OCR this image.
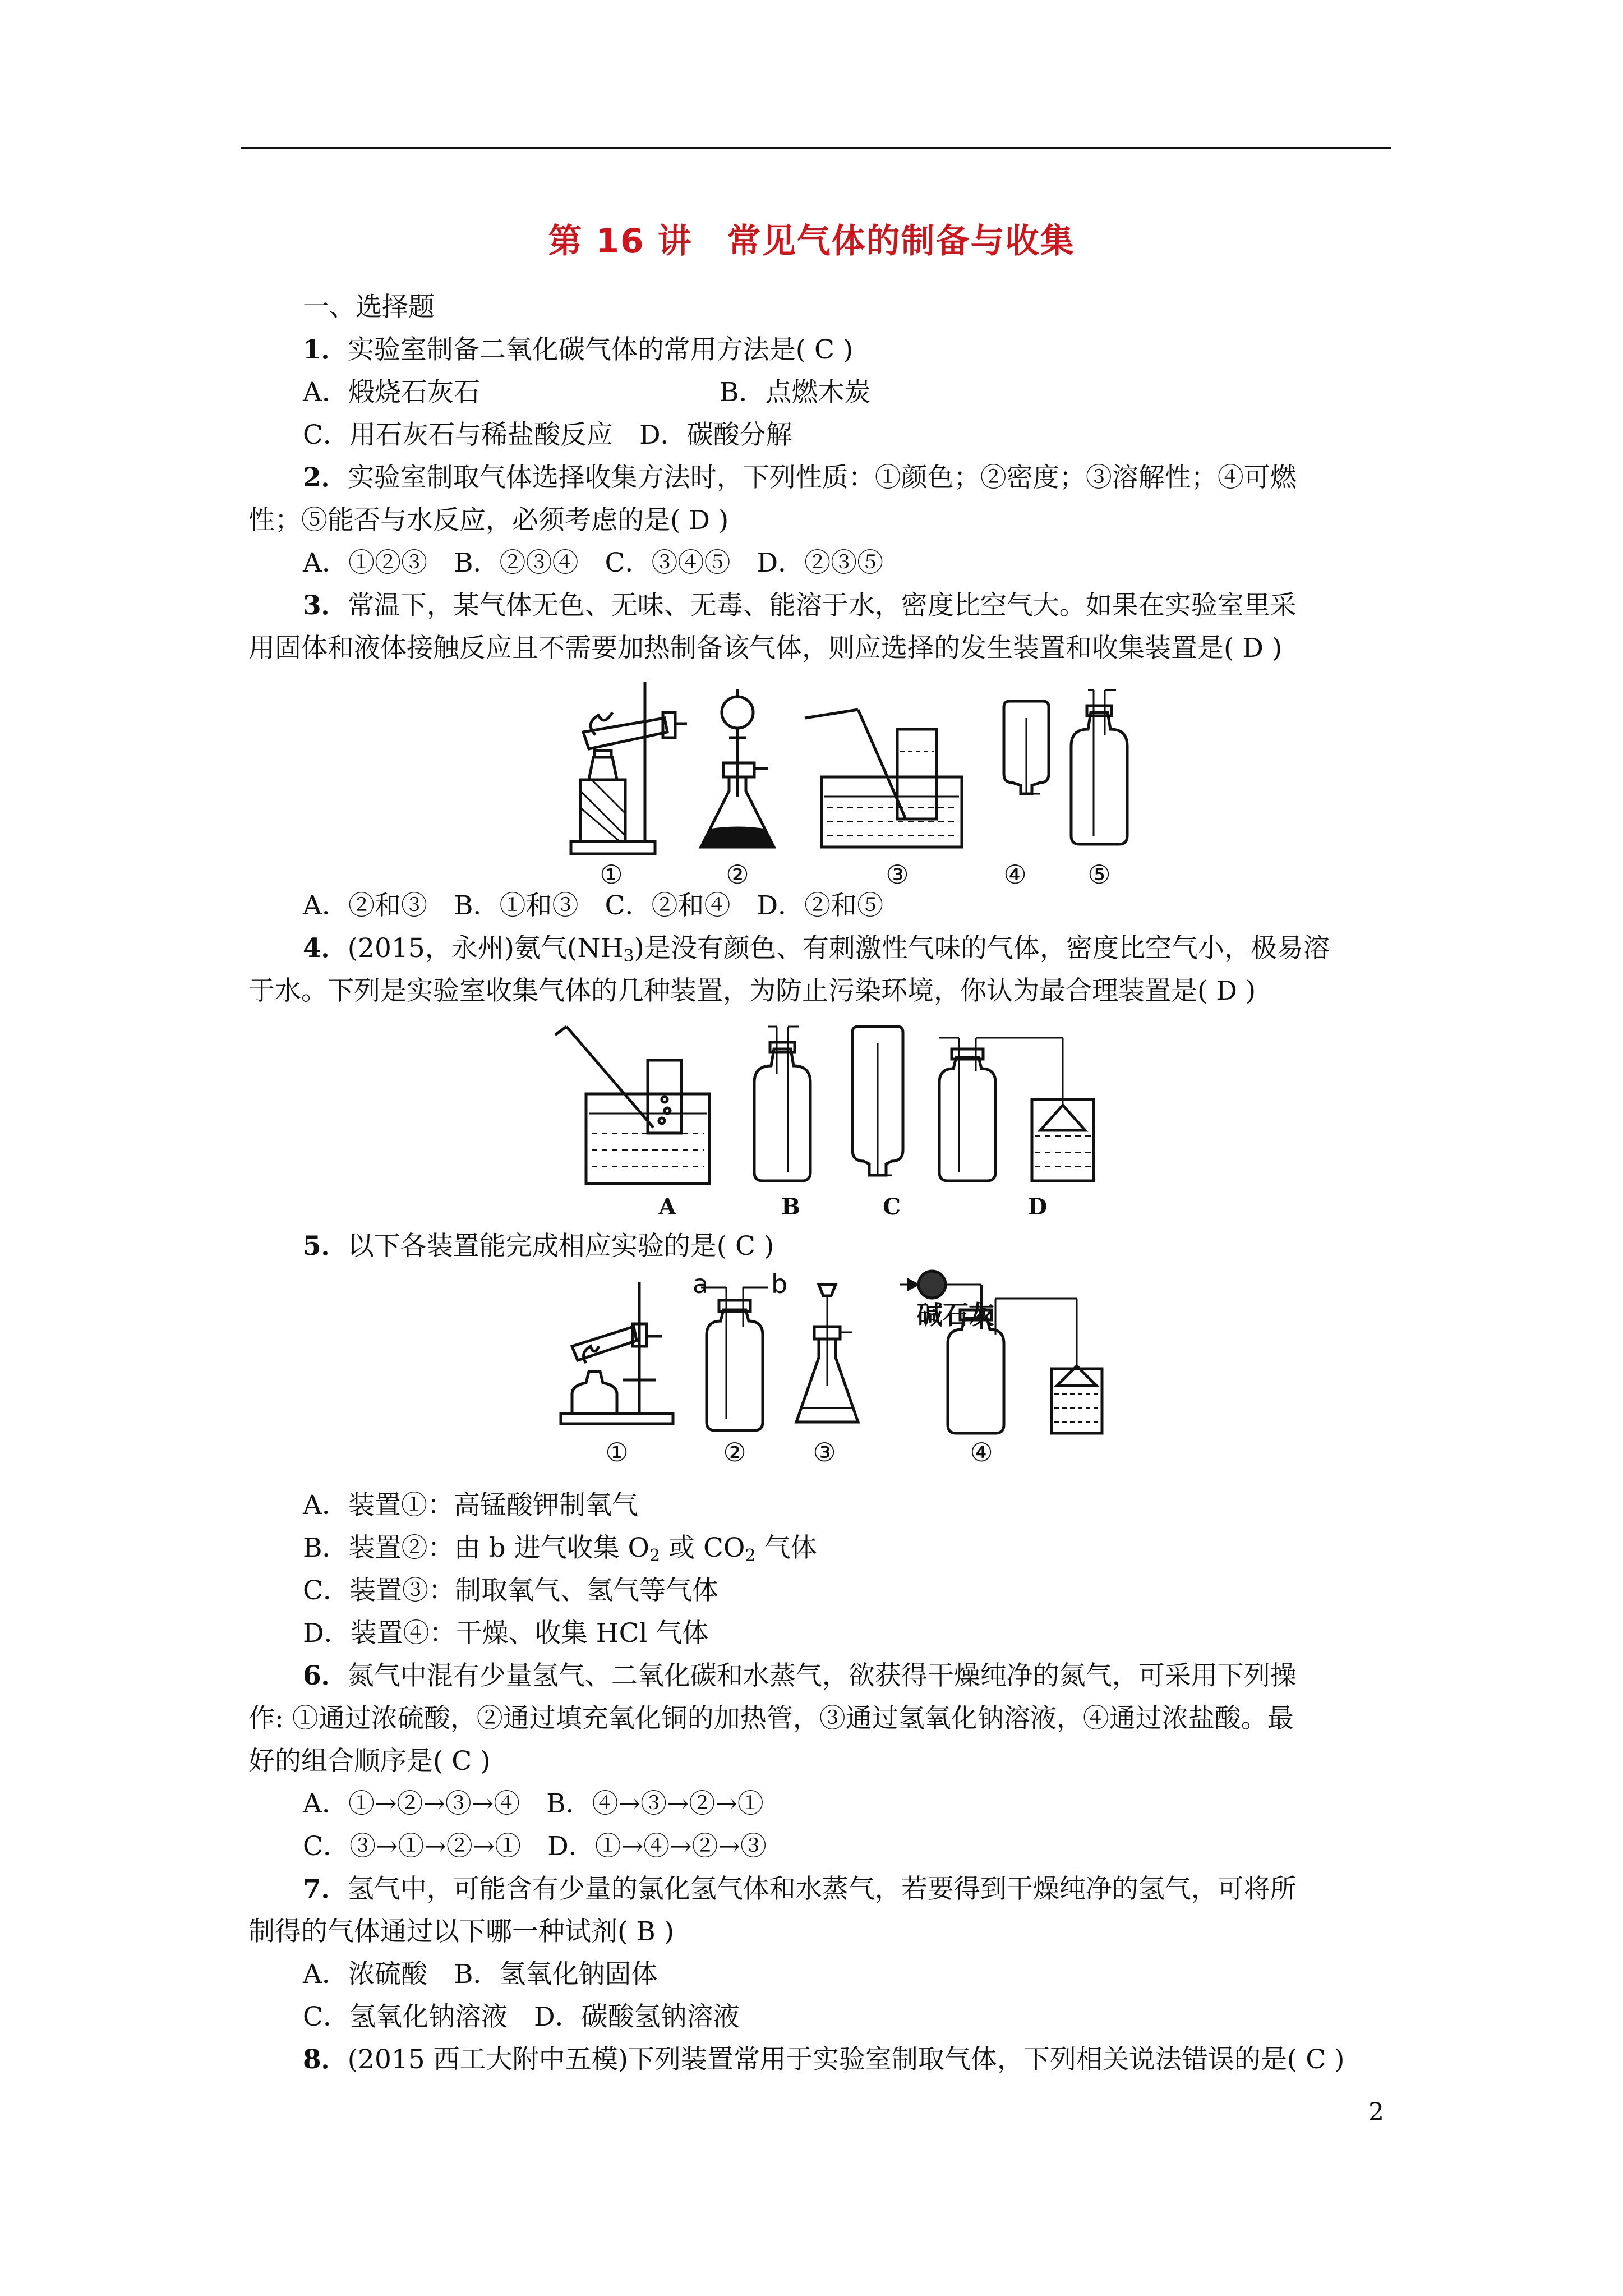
第 16 讲　常见气体的制备与收集
一、选择题
1．实验室制备二氧化碳气体的常用方法是( C )
A．煅烧石灰石	B．点燃木炭
C．用石灰石与稀盐酸反应　D．碳酸分解
2．实验室制取气体选择收集方法时，下列性质：①颜色；②密度；③溶解性；④可燃
性；⑤能否与水反应，必须考虑的是( D )
A．①②③　B．②③④　C．③④⑤　D．②③⑤
3．常温下，某气体无色、无味、无毒、能溶于水，密度比空气大。如果在实验室里采
用固体和液体接触反应且不需要加热制备该气体，则应选择的发生装置和收集装置是( D )
①	②	③	④ ⑤
A．②和③　B．①和③　C．②和④　D．②和⑤
4．(2015，永州)氨气$(NH_3)$是没有颜色、有刺激性气味的气体，密度比空气小，极易溶
于水。下列是实验室收集气体的几种装置，为防止污染环境，你认为最合理装置是( D )
A	B	C	D
5．以下各装置能完成相应实验的是( C )
a b
碱石灰
①	②	③	④
A．装置①：高锰酸钾制氧气
B．装置②：由 b 进气收集 $O_2$ 或 $CO_2$ 气体
C．装置③：制取氧气、氢气等气体
D．装置④：干燥、收集 HCl 气体
6．氮气中混有少量氢气、二氧化碳和水蒸气，欲获得干燥纯净的氮气，可采用下列操
作: ①通过浓硫酸，②通过填充氧化铜的加热管，③通过氢氧化钠溶液，④通过浓盐酸。最
好的组合顺序是( C )
A．①→②→③→④　B．④→③→②→①
C．③→①→②→①　D．①→④→②→③
7．氢气中，可能含有少量的氯化氢气体和水蒸气，若要得到干燥纯净的氢气，可将所
制得的气体通过以下哪一种试剂( B )
A．浓硫酸　B．氢氧化钠固体
C．氢氧化钠溶液　D．碳酸氢钠溶液
8．(2015 西工大附中五模)下列装置常用于实验室制取气体，下列相关说法错误的是( C )
2
